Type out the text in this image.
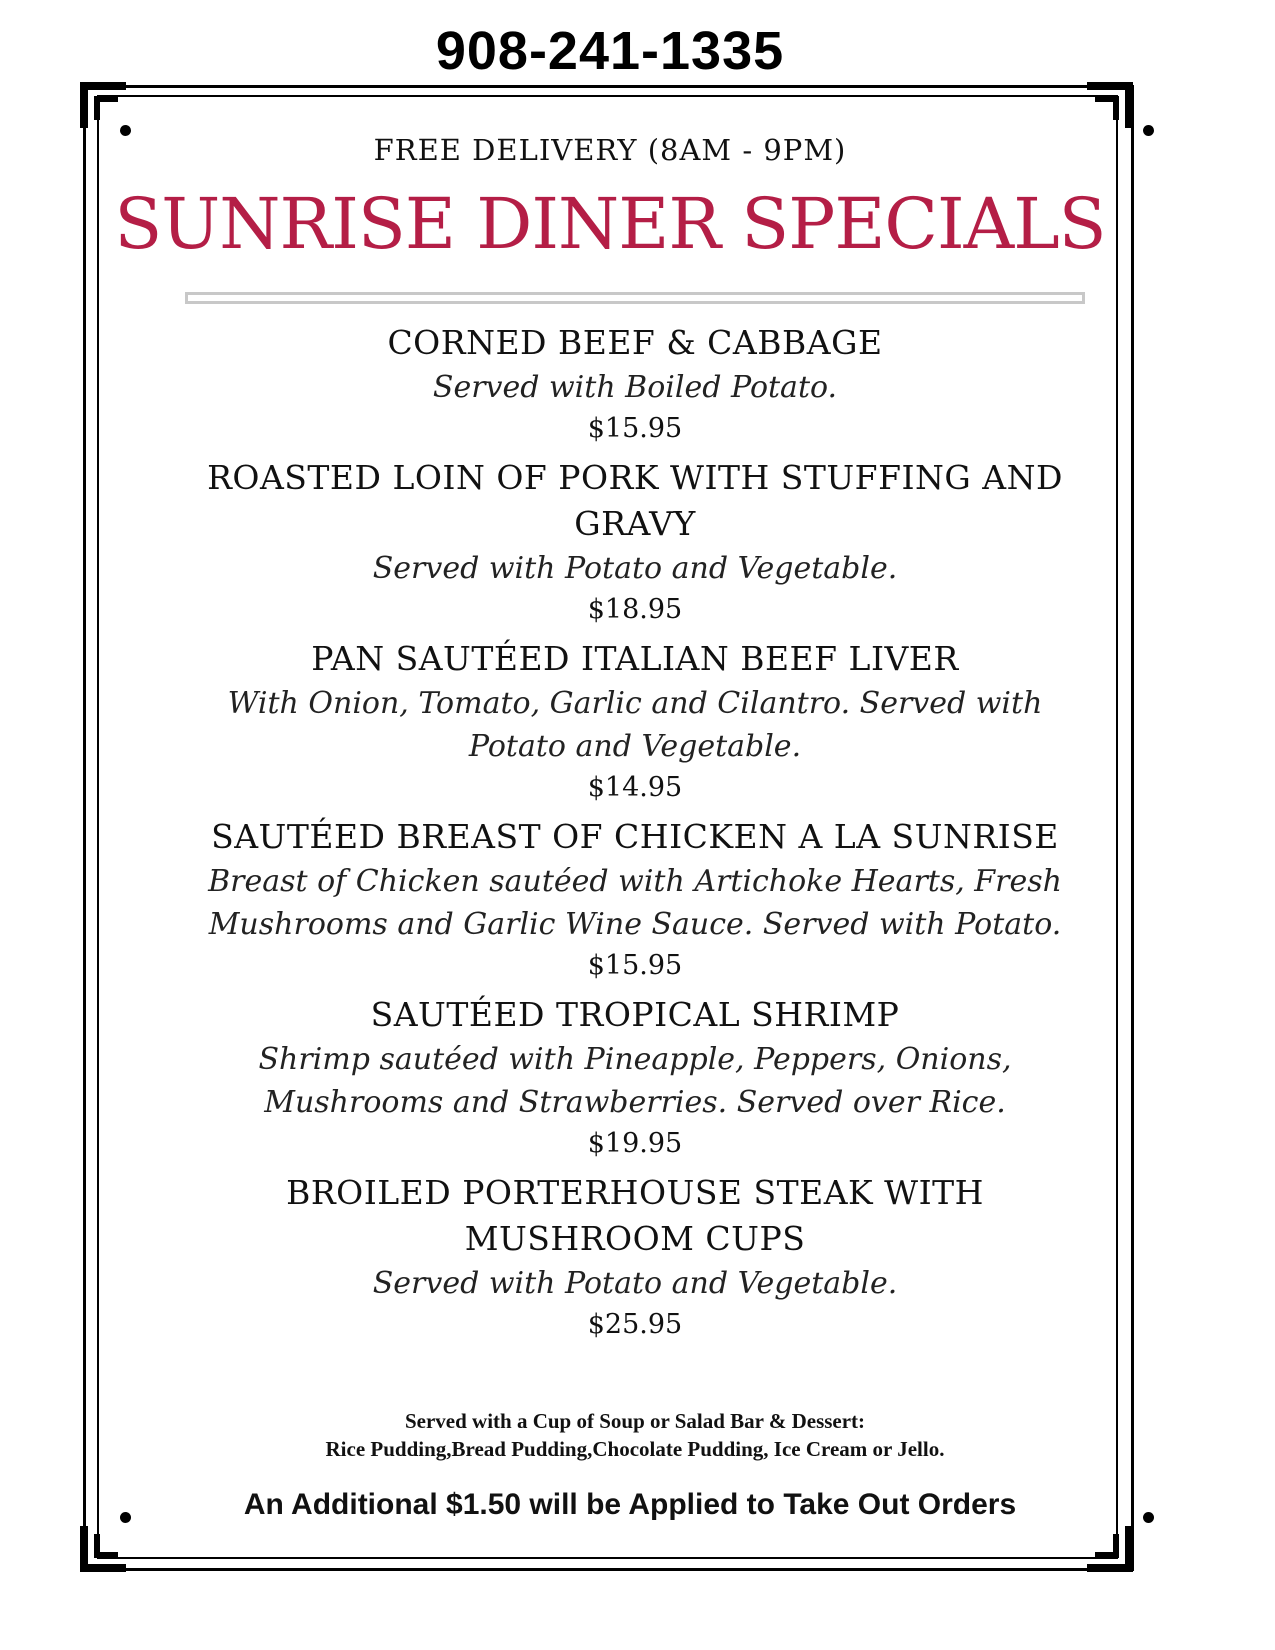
908-241-1335
FREE DELIVERY (8AM - 9PM)
SUNRISE DINER SPECIALS
CORNED BEEF & CABBAGE
Served with Boiled Potato.
$15.95
ROASTED LOIN OF PORK WITH STUFFING AND GRAVY
Served with Potato and Vegetable.
$18.95
PAN SAUTÉED ITALIAN BEEF LIVER
With Onion, Tomato, Garlic and Cilantro. Served with Potato and Vegetable.
$14.95
SAUTÉED BREAST OF CHICKEN A LA SUNRISE
Breast of Chicken sautéed with Artichoke Hearts, Fresh Mushrooms and Garlic Wine Sauce. Served with Potato.
$15.95
SAUTÉED TROPICAL SHRIMP
Shrimp sautéed with Pineapple, Peppers, Onions, Mushrooms and Strawberries. Served over Rice.
$19.95
BROILED PORTERHOUSE STEAK WITH MUSHROOM CUPS
Served with Potato and Vegetable.
$25.95
Served with a Cup of Soup or Salad Bar & Dessert:
Rice Pudding,Bread Pudding,Chocolate Pudding, Ice Cream or Jello.
An Additional $1.50 will be Applied to Take Out Orders
